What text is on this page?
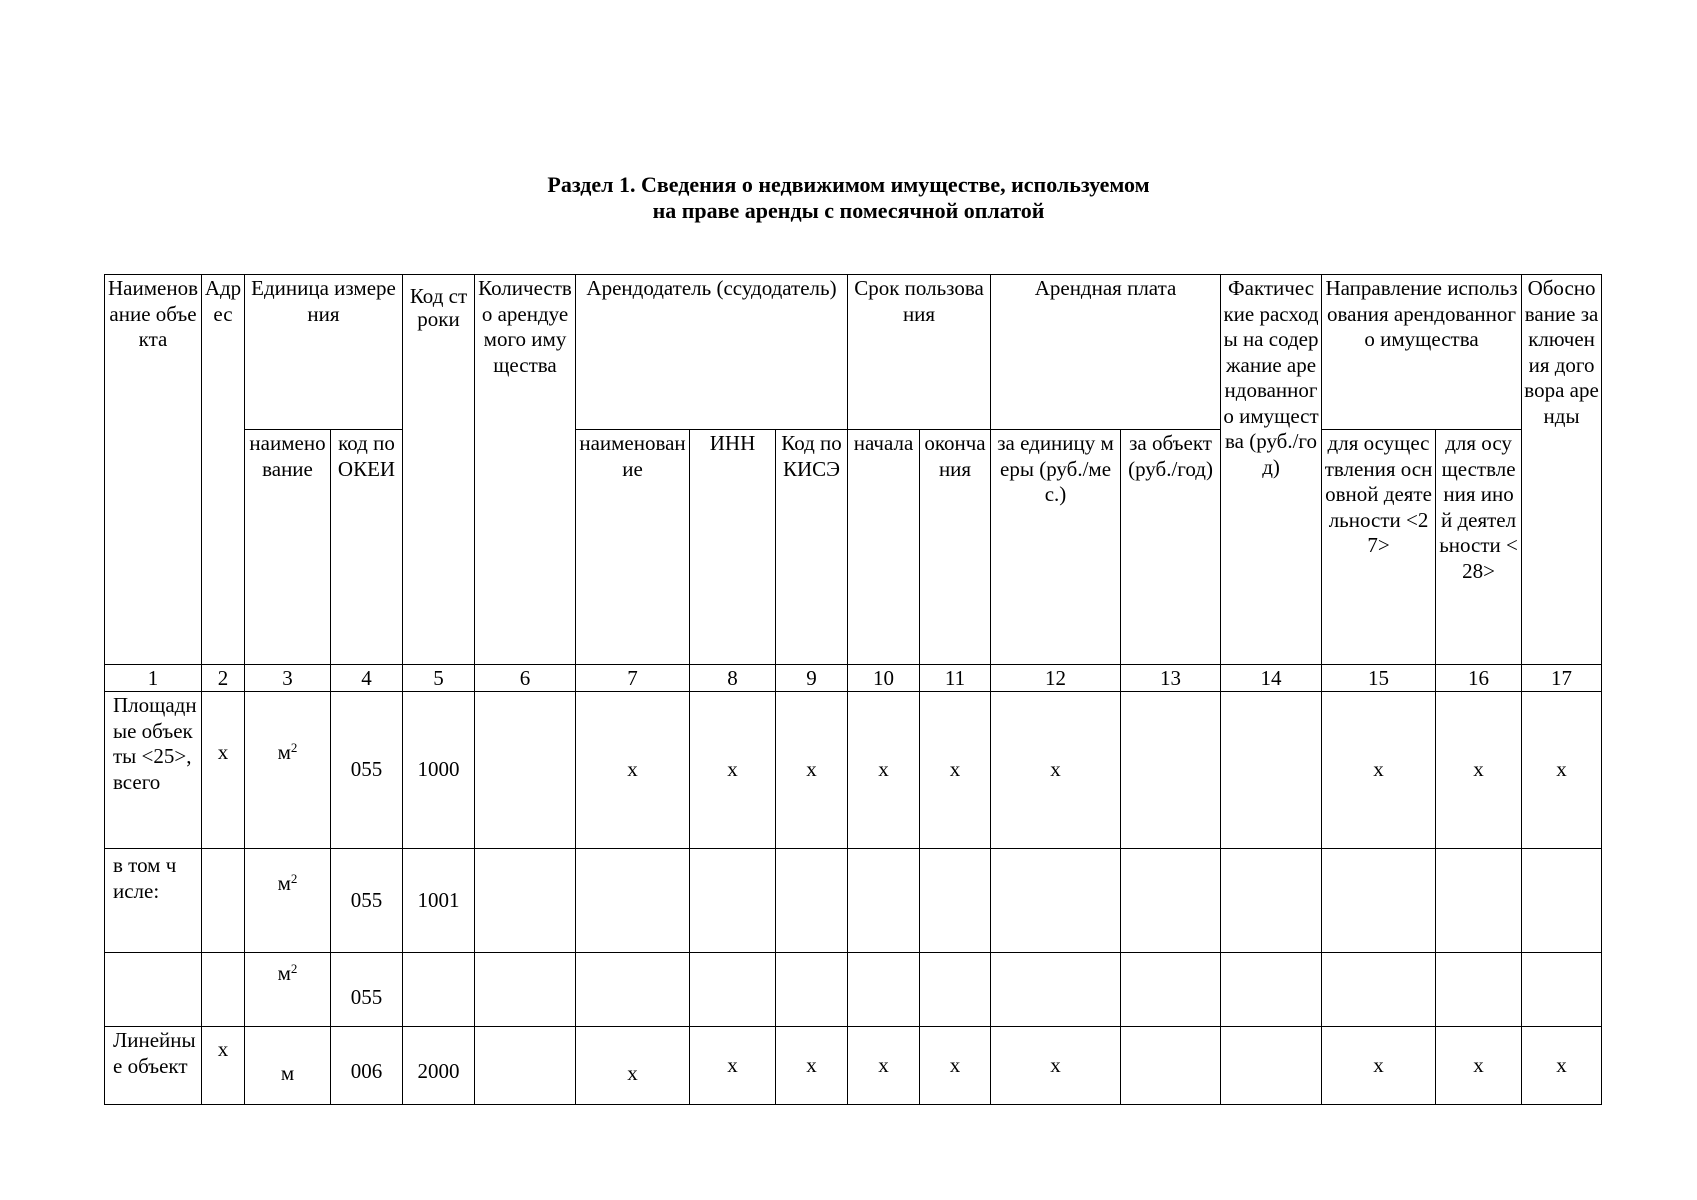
Раздел 1. Сведения о недвижимом имуществе, используемом
на праве аренды с помесячной оплатой
Наименование объекта	Адрес	Единица измерения		Код строки	Количество арендуемого имущества	Арендодатель (ссудодатель)			Срок пользования		Арендная плата		Фактические расходы на содержание арендованного имущества (руб./год)	Направление использования арендованного имущества		Обоснование заключения договора аренды
		наименование	код по ОКЕИ			наименование	ИНН	Код по КИСЭ	начала	окончания	за единицу меры (руб./мес.)	за объект (руб./год)		для осуществления основной деятельности <27>	для осуществления иной деятельности <28>	
1	2	3	4	5	6	7	8	9	10	11	12	13	14	15	16	17
Площадные объекты <25>, всего	x	$м^2$	055	1000		x	x	x	x	x	x			x	x	x
в том числе:		$м^2$	055	1001												
		$м^2$	055													
Линейные объект	x	м	006	2000		x	x	x	x	x	x			x	x	x
